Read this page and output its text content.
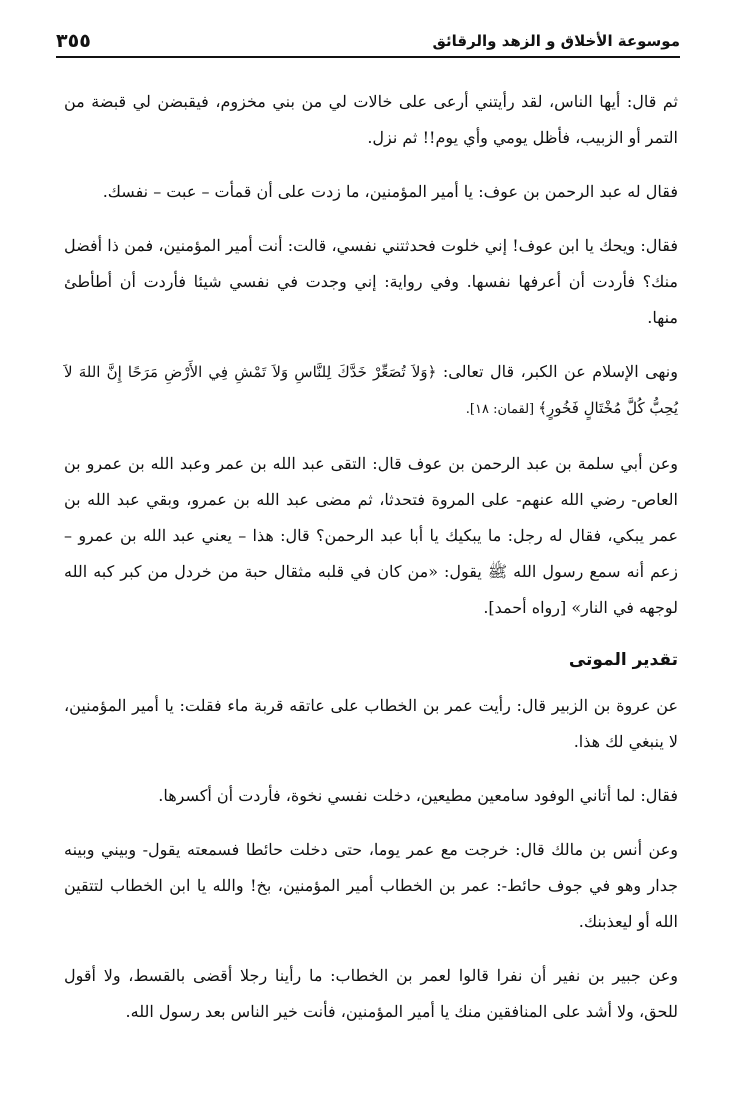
موسوعة الأخلاق و الزهد والرقائق
٣٥٥

ثم قال: أيها الناس، لقد رأيتني أرعى على خالات لي من بني مخزوم، فيقبضن لي قبضة من التمر أو الزبيب، فأظل يومي وأي يوم!! ثم نزل.

فقال له عبد الرحمن بن عوف: يا أمير المؤمنين، ما زدت على أن قمأت – عبت – نفسك.

فقال: ويحك يا ابن عوف! إني خلوت فحدثتني نفسي، قالت: أنت أمير المؤمنين، فمن ذا أفضل منك؟ فأردت أن أعرفها نفسها. وفي رواية: إني وجدت في نفسي شيئا فأردت أن أطأطئ منها.

ونهى الإسلام عن الكبر، قال تعالى: ﴿وَلاَ تُصَعِّرْ خَدَّكَ لِلنَّاسِ وَلاَ تَمْشِ فِي الأَرْضِ مَرَحًا إِنَّ اللهَ لاَ يُحِبُّ كُلَّ مُخْتَالٍ فَخُورٍ﴾ [لقمان: ١٨].

وعن أبي سلمة بن عبد الرحمن بن عوف قال: التقى عبد الله بن عمر وعبد الله بن عمرو بن العاص- رضي الله عنهم- على المروة فتحدثا، ثم مضى عبد الله بن عمرو، وبقي عبد الله بن عمر يبكي، فقال له رجل: ما يبكيك يا أبا عبد الرحمن؟ قال: هذا – يعني عبد الله بن عمرو – زعم أنه سمع رسول الله ﷺ يقول: «من كان في قلبه مثقال حبة من خردل من كبر كبه الله لوجهه في النار» [رواه أحمد].

تقدير الموتى

عن عروة بن الزبير قال: رأيت عمر بن الخطاب على عاتقه قربة ماء فقلت: يا أمير المؤمنين، لا ينبغي لك هذا.

فقال: لما أتاني الوفود سامعين مطيعين، دخلت نفسي نخوة، فأردت أن أكسرها.

وعن أنس بن مالك قال: خرجت مع عمر يوما، حتى دخلت حائطا فسمعته يقول- وبيني وبينه جدار وهو في جوف حائط-: عمر بن الخطاب أمير المؤمنين، بخ! والله يا ابن الخطاب لتتقين الله أو ليعذبنك.

وعن جبير بن نفير أن نفرا قالوا لعمر بن الخطاب: ما رأينا رجلا أقضى بالقسط، ولا أقول للحق، ولا أشد على المنافقين منك يا أمير المؤمنين، فأنت خير الناس بعد رسول الله.
